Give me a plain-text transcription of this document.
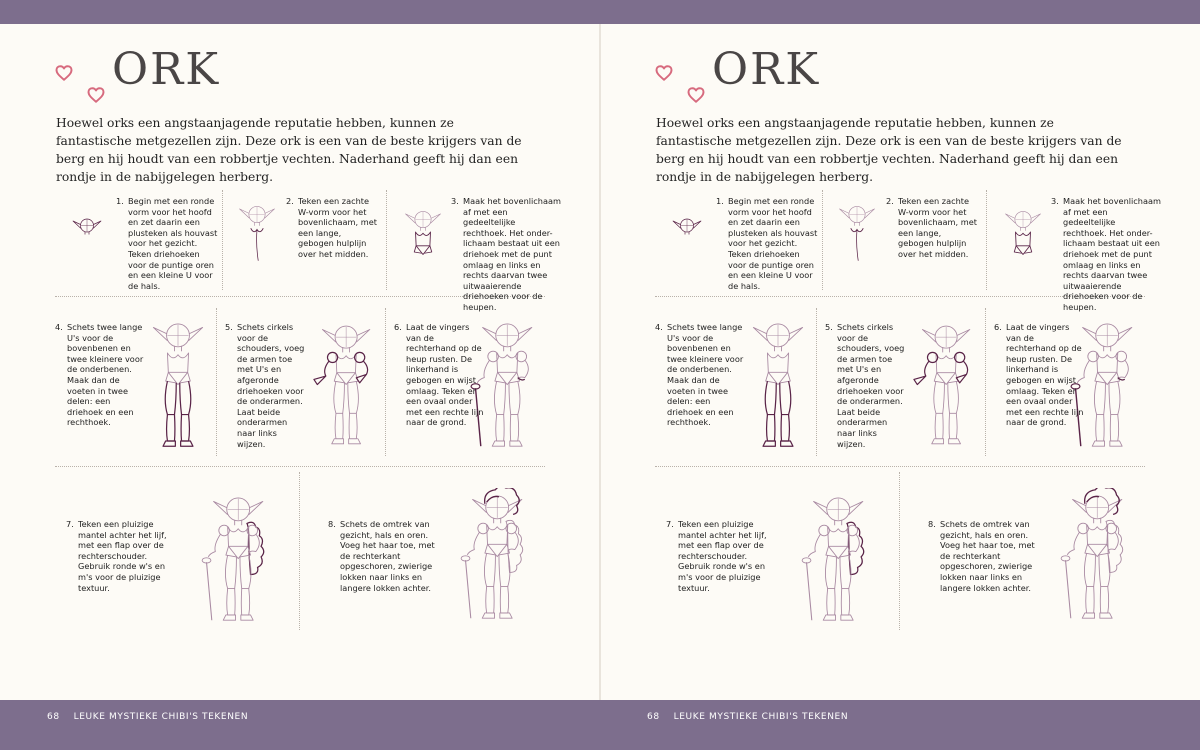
ORK

Hoewel orks een angstaanjagende reputatie hebben, kunnen ze fantastische metgezellen zijn. Deze ork is een van de beste krijgers van de berg en hij houdt van een robbertje vechten. Naderhand geeft hij dan een rondje in de nabijgelegen herberg.

1. Begin met een ronde vorm voor het hoofd en zet daarin een plusteken als houvast voor het gezicht. Teken driehoeken voor de puntige oren en een kleine U voor de hals.
2. Teken een zachte W-vorm voor het bovenlichaam, met een lange, gebogen hulplijn over het midden.
3. Maak het bovenlichaam af met een gedeeltelijke rechthoek. Het onder-lichaam bestaat uit een driehoek met de punt omlaag en links en rechts daarvan twee uitwaaierende driehoeken voor de heupen.
4. Schets twee lange U's voor de bovenbenen en twee kleinere voor de onderbenen. Maak dan de voeten in twee delen: een driehoek en een rechthoek.
5. Schets cirkels voor de schouders, voeg de armen toe met U's en afgeronde driehoeken voor de onderarmen. Laat beide onderarmen naar links wijzen.
6. Laat de vingers van de rechterhand op de heup rusten. De linkerhand is gebogen en wijst omlaag. Teken er een ovaal onder met een rechte lijn naar de grond.
7. Teken een pluizige mantel achter het lijf, met een flap over de rechterschouder. Gebruik ronde w's en m's voor de pluizige textuur.
8. Schets de omtrek van gezicht, hals en oren. Voeg het haar toe, met de rechterkant opgeschoren, zwierige lokken naar links en langere lokken achter.
ORK

Hoewel orks een angstaanjagende reputatie hebben, kunnen ze fantastische metgezellen zijn. Deze ork is een van de beste krijgers van de berg en hij houdt van een robbertje vechten. Naderhand geeft hij dan een rondje in de nabijgelegen herberg.

1. Begin met een ronde vorm voor het hoofd en zet daarin een plusteken als houvast voor het gezicht. Teken driehoeken voor de puntige oren en een kleine U voor de hals.
2. Teken een zachte W-vorm voor het bovenlichaam, met een lange, gebogen hulplijn over het midden.
3. Maak het bovenlichaam af met een gedeeltelijke rechthoek. Het onder-lichaam bestaat uit een driehoek met de punt omlaag en links en rechts daarvan twee uitwaaierende driehoeken voor de heupen.
4. Schets twee lange U's voor de bovenbenen en twee kleinere voor de onderbenen. Maak dan de voeten in twee delen: een driehoek en een rechthoek.
5. Schets cirkels voor de schouders, voeg de armen toe met U's en afgeronde driehoeken voor de onderarmen. Laat beide onderarmen naar links wijzen.
6. Laat de vingers van de rechterhand op de heup rusten. De linkerhand is gebogen en wijst omlaag. Teken er een ovaal onder met een rechte lijn naar de grond.
7. Teken een pluizige mantel achter het lijf, met een flap over de rechterschouder. Gebruik ronde w's en m's voor de pluizige textuur.
8. Schets de omtrek van gezicht, hals en oren. Voeg het haar toe, met de rechterkant opgeschoren, zwierige lokken naar links en langere lokken achter.
68 LEUKE MYSTIEKE CHIBI'S TEKENEN	68 LEUKE MYSTIEKE CHIBI'S TEKENEN
